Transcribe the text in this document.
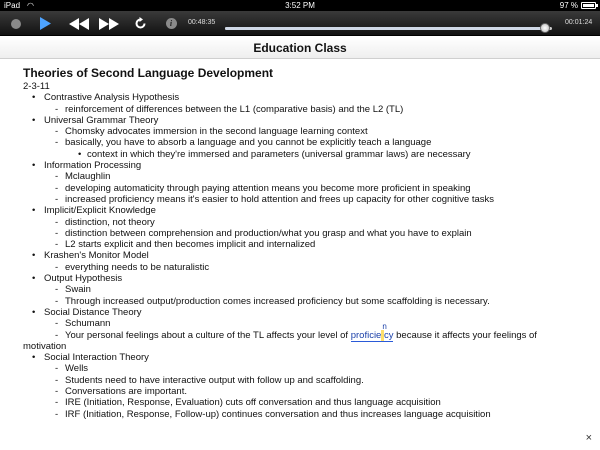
iPad ◠	3:52 PM	97 %
i	00:48:35	00:01:24
Education Class
Theories of Second Language Development
2-3-11
• Contrastive Analysis Hypothesis
- reinforcement of differences between the L1 (comparative basis) and the L2 (TL)
• Universal Grammar Theory
- Chomsky advocates immersion in the second language learning context
- basically, you have to absorb a language and you cannot be explicitly teach a language
• context in which they're immersed and parameters (universal grammar laws) are necessary
• Information Processing
- Mclaughlin
- developing automaticity through paying attention means you become more proficient in speaking
- increased proficiency means it's easier to hold attention and frees up capacity for other cognitive tasks
• Implicit/Explicit Knowledge
- distinction, not theory
- distinction between comprehension and production/what you grasp and what you have to explain
- L2 starts explicit and then becomes implicit and internalized
• Krashen's Monitor Model
- everything needs to be naturalistic
• Output Hypothesis
- Swain
- Through increased output/production comes increased proficiency but some scaffolding is necessary.
• Social Distance Theory
- Schumann
- Your personal feelings about a culture of the TL affects your level of proficie
n
cy because it affects your feelings of
motivation
• Social Interaction Theory
- Wells
- Students need to have interactive output with follow up and scaffolding.
- Conversations are important.
- IRE (Initiation, Response, Evaluation) cuts off conversation and thus language acquisition
- IRF (Initiation, Response, Follow-up) continues conversation and thus increases language acquisition
×
